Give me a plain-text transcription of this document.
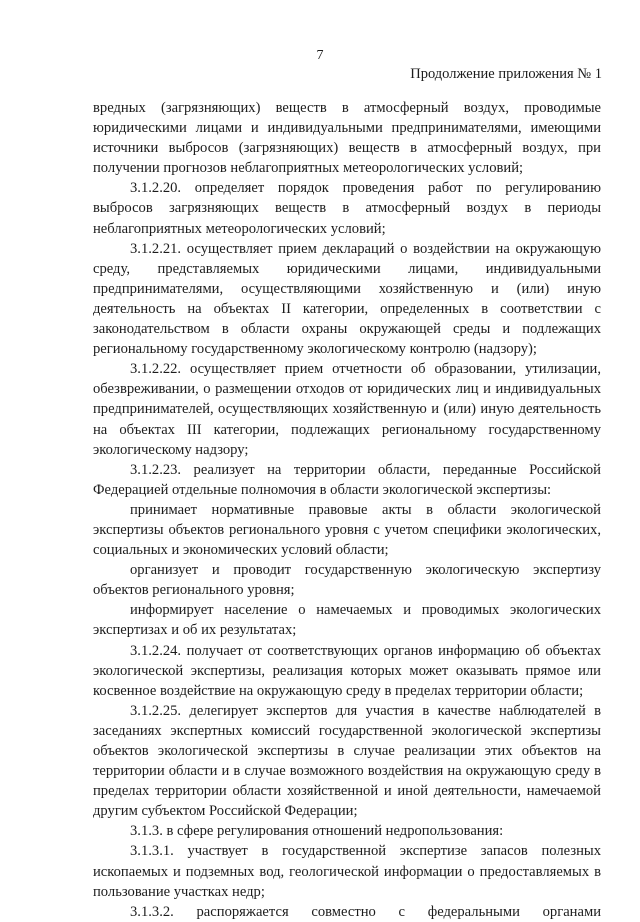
7
Продолжение приложения № 1

вредных (загрязняющих) веществ в атмосферный воздух, проводимые юридическими лицами и индивидуальными предпринимателями, имеющими источники выбросов (загрязняющих) веществ в атмосферный воздух, при получении прогнозов неблагоприятных метеорологических условий;

3.1.2.20. определяет порядок проведения работ по регулированию выбросов загрязняющих веществ в атмосферный воздух в периоды неблагоприятных метеорологических условий;

3.1.2.21. осуществляет прием деклараций о воздействии на окружающую среду, представляемых юридическими лицами, индивидуальными предпринимателями, осуществляющими хозяйственную и (или) иную деятельность на объектах II категории, определенных в соответствии с законодательством в области охраны окружающей среды и подлежащих региональному государственному экологическому контролю (надзору);

3.1.2.22. осуществляет прием отчетности об образовании, утилизации, обезвреживании, о размещении отходов от юридических лиц и индивидуальных предпринимателей, осуществляющих хозяйственную и (или) иную деятельность на объектах III категории, подлежащих региональному государственному экологическому надзору;

3.1.2.23. реализует на территории области, переданные Российской Федерацией отдельные полномочия в области экологической экспертизы:

принимает нормативные правовые акты в области экологической экспертизы объектов регионального уровня с учетом специфики экологических, социальных и экономических условий области;

организует и проводит государственную экологическую экспертизу объектов регионального уровня;

информирует население о намечаемых и проводимых экологических экспертизах и об их результатах;

3.1.2.24. получает от соответствующих органов информацию об объектах экологической экспертизы, реализация которых может оказывать прямое или косвенное воздействие на окружающую среду в пределах территории области;

3.1.2.25. делегирует экспертов для участия в качестве наблюдателей в заседаниях экспертных комиссий государственной экологической экспертизы объектов экологической экспертизы в случае реализации этих объектов на территории области и в случае возможного воздействия на окружающую среду в пределах территории области хозяйственной и иной деятельности, намечаемой другим субъектом Российской Федерации;

3.1.3. в сфере регулирования отношений недропользования:

3.1.3.1. участвует в государственной экспертизе запасов полезных ископаемых и подземных вод, геологической информации о предоставляемых в пользование участках недр;

3.1.3.2. распоряжается совместно с федеральными органами
